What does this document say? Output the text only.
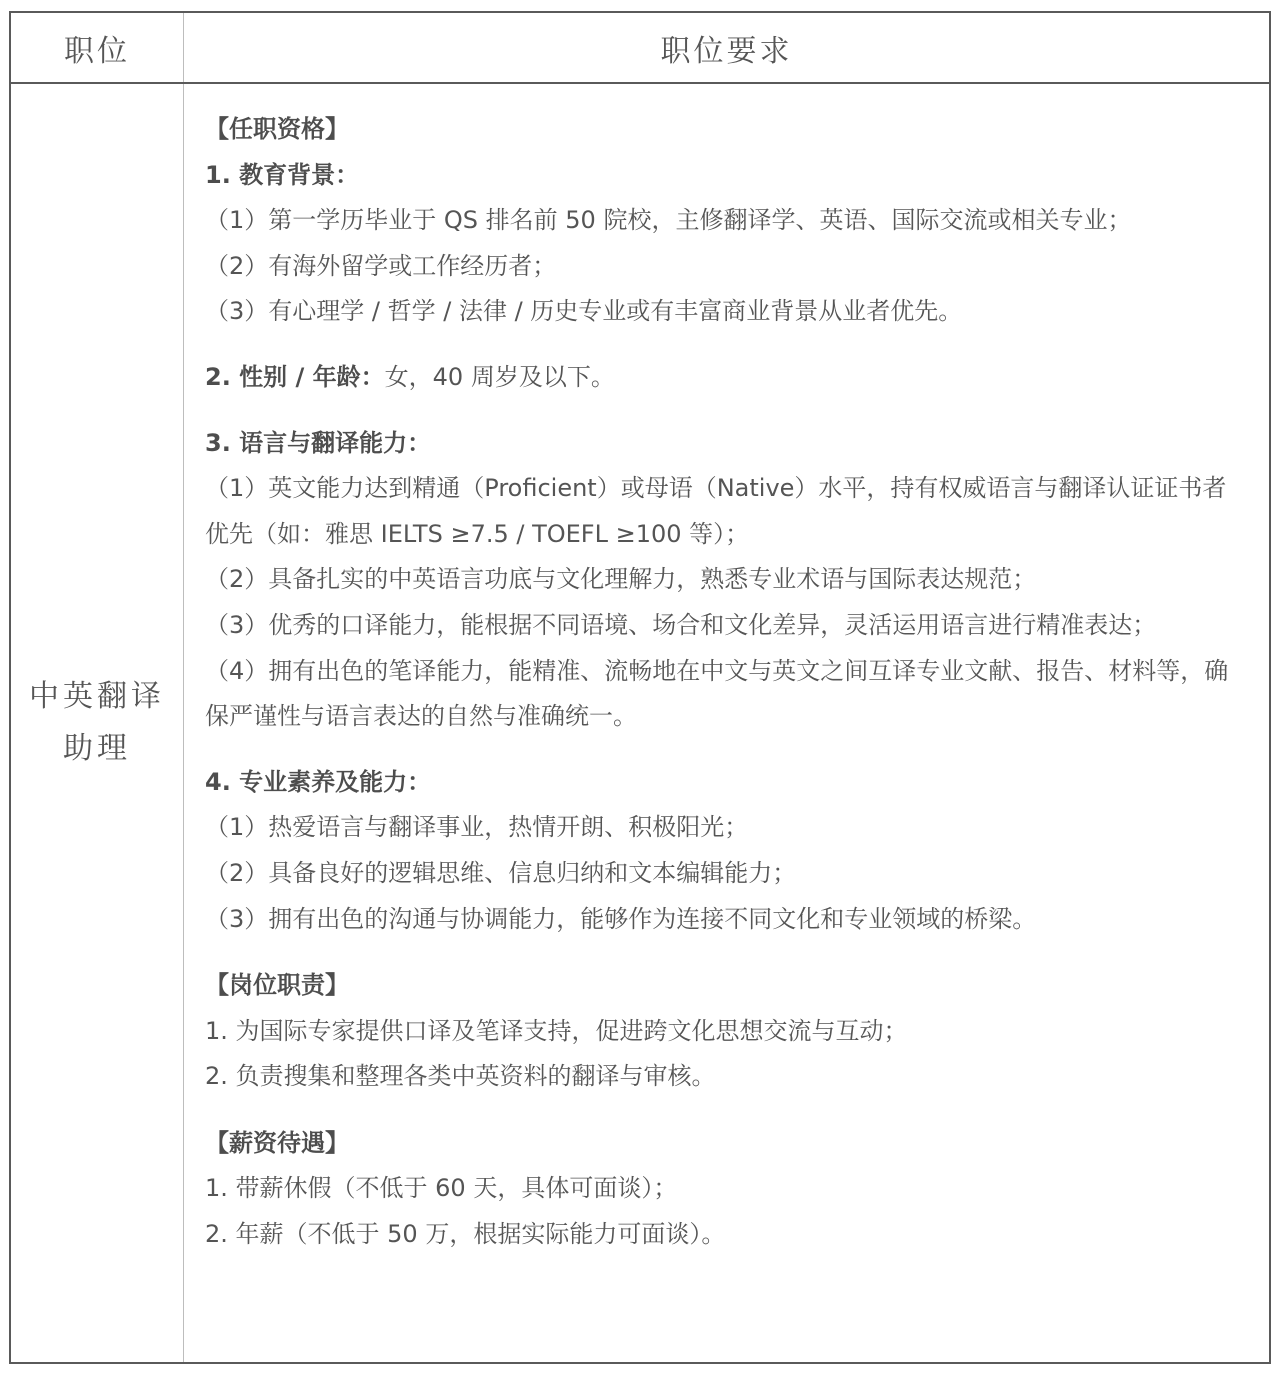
职位	职位要求
中英翻译助理

【任职资格】

1. 教育背景：

（1）第一学历毕业于 QS 排名前 50 院校，主修翻译学、英语、国际交流或相关专业；

（2）有海外留学或工作经历者；

（3）有心理学 / 哲学 / 法律 / 历史专业或有丰富商业背景从业者优先。

2. 性别 / 年龄：女，40 周岁及以下。

3. 语言与翻译能力：

（1）英文能力达到精通（Proficient）或母语（Native）水平，持有权威语言与翻译认证证书者优先（如：雅思 IELTS ≥7.5 / TOEFL ≥100 等）；

（2）具备扎实的中英语言功底与文化理解力，熟悉专业术语与国际表达规范；

（3）优秀的口译能力，能根据不同语境、场合和文化差异，灵活运用语言进行精准表达；

（4）拥有出色的笔译能力，能精准、流畅地在中文与英文之间互译专业文献、报告、材料等，确保严谨性与语言表达的自然与准确统一。

4. 专业素养及能力：

（1）热爱语言与翻译事业，热情开朗、积极阳光；

（2）具备良好的逻辑思维、信息归纳和文本编辑能力；

（3）拥有出色的沟通与协调能力，能够作为连接不同文化和专业领域的桥梁。

【岗位职责】

1. 为国际专家提供口译及笔译支持，促进跨文化思想交流与互动；

2. 负责搜集和整理各类中英资料的翻译与审核。

【薪资待遇】

1. 带薪休假（不低于 60 天，具体可面谈）；

2. 年薪（不低于 50 万，根据实际能力可面谈）。
